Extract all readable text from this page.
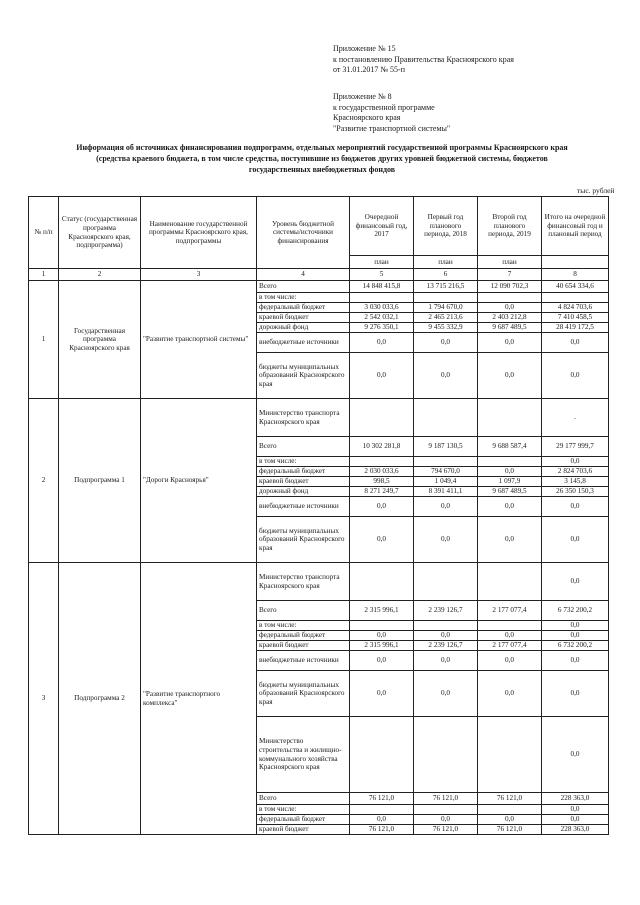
Приложение № 15
к постановлению Правительства Красноярского края
от 31.01.2017 № 55-п
Приложение № 8
к государственной программе
Красноярского края
"Развитие транспортной системы"
Информация об источниках финансирования подпрограмм, отдельных мероприятий государственной программы Красноярского края
(средства краевого бюджета, в том числе средства, поступившие из бюджетов других уровней бюджетной системы, бюджетов
государственных внебюджетных фондов
тыс. рублей
№ п/п	Статус (государственная программа Красноярского края, подпрограмма)	Наименование государственной программы Красноярского края, подпрограммы	Уровень бюджетной системы/источники финансирования	Очередной финансовый год, 2017	Первый год планового периода, 2018	Второй год планового периода, 2019	Итого на очередной финансовый год и плановый период
				план	план	план	
1	2	3	4	5	6	7	8
1	Государственная программа Красноярского края	"Развитие транспортной системы"	Всего	14 848 415,8	13 715 216,5	12 090 702,3	40 654 334,6
			в том числе:				
			федеральный бюджет	3 030 033,6	1 794 670,0	0,0	4 824 703,6
			краевой бюджет	2 542 032,1	2 465 213,6	2 403 212,8	7 410 458,5
			дорожный фонд	9 276 350,1	9 455 332,9	9 687 489,5	28 419 172,5
			внебюджетные источники	0,0	0,0	0,0	0,0
			бюджеты муниципальных образований Красноярского края	0,0	0,0	0,0	0,0
2	Подпрограмма 1	"Дороги Красноярья"	Министерство транспорта Красноярского края				.
			Всего	10 302 281,8	9 187 130,5	9 688 587,4	29 177 999,7
			в том числе:				0,0
			федеральный бюджет	2 030 033,6	794 670,0	0,0	2 824 703,6
			краевой бюджет	998,5	1 049,4	1 097,9	3 145,8
			дорожный фонд	8 271 249,7	8 391 411,1	9 687 489,5	26 350 150,3
			внебюджетные источники	0,0	0,0	0,0	0,0
			бюджеты муниципальных образований Красноярского края	0,0	0,0	0,0	0,0
3	Подпрограмма 2	"Развитие транспортного комплекса"	Министерство транспорта Красноярского края				0,0
			Всего	2 315 996,1	2 239 126,7	2 177 077,4	6 732 200,2
			в том числе:				0,0
			федеральный бюджет	0,0	0,0	0,0	0,0
			краевой бюджет	2 315 996,1	2 239 126,7	2 177 077,4	6 732 200,2
			внебюджетные источники	0,0	0,0	0,0	0,0
			бюджеты муниципальных образований Красноярского края	0,0	0,0	0,0	0,0
			Министерство строительства и жилищно-коммунального хозяйства Красноярского края				0,0
			Всего	76 121,0	76 121,0	76 121,0	228 363,0
			в том числе:				0,0
			федеральный бюджет	0,0	0,0	0,0	0,0
			краевой бюджет	76 121,0	76 121,0	76 121,0	228 363,0
